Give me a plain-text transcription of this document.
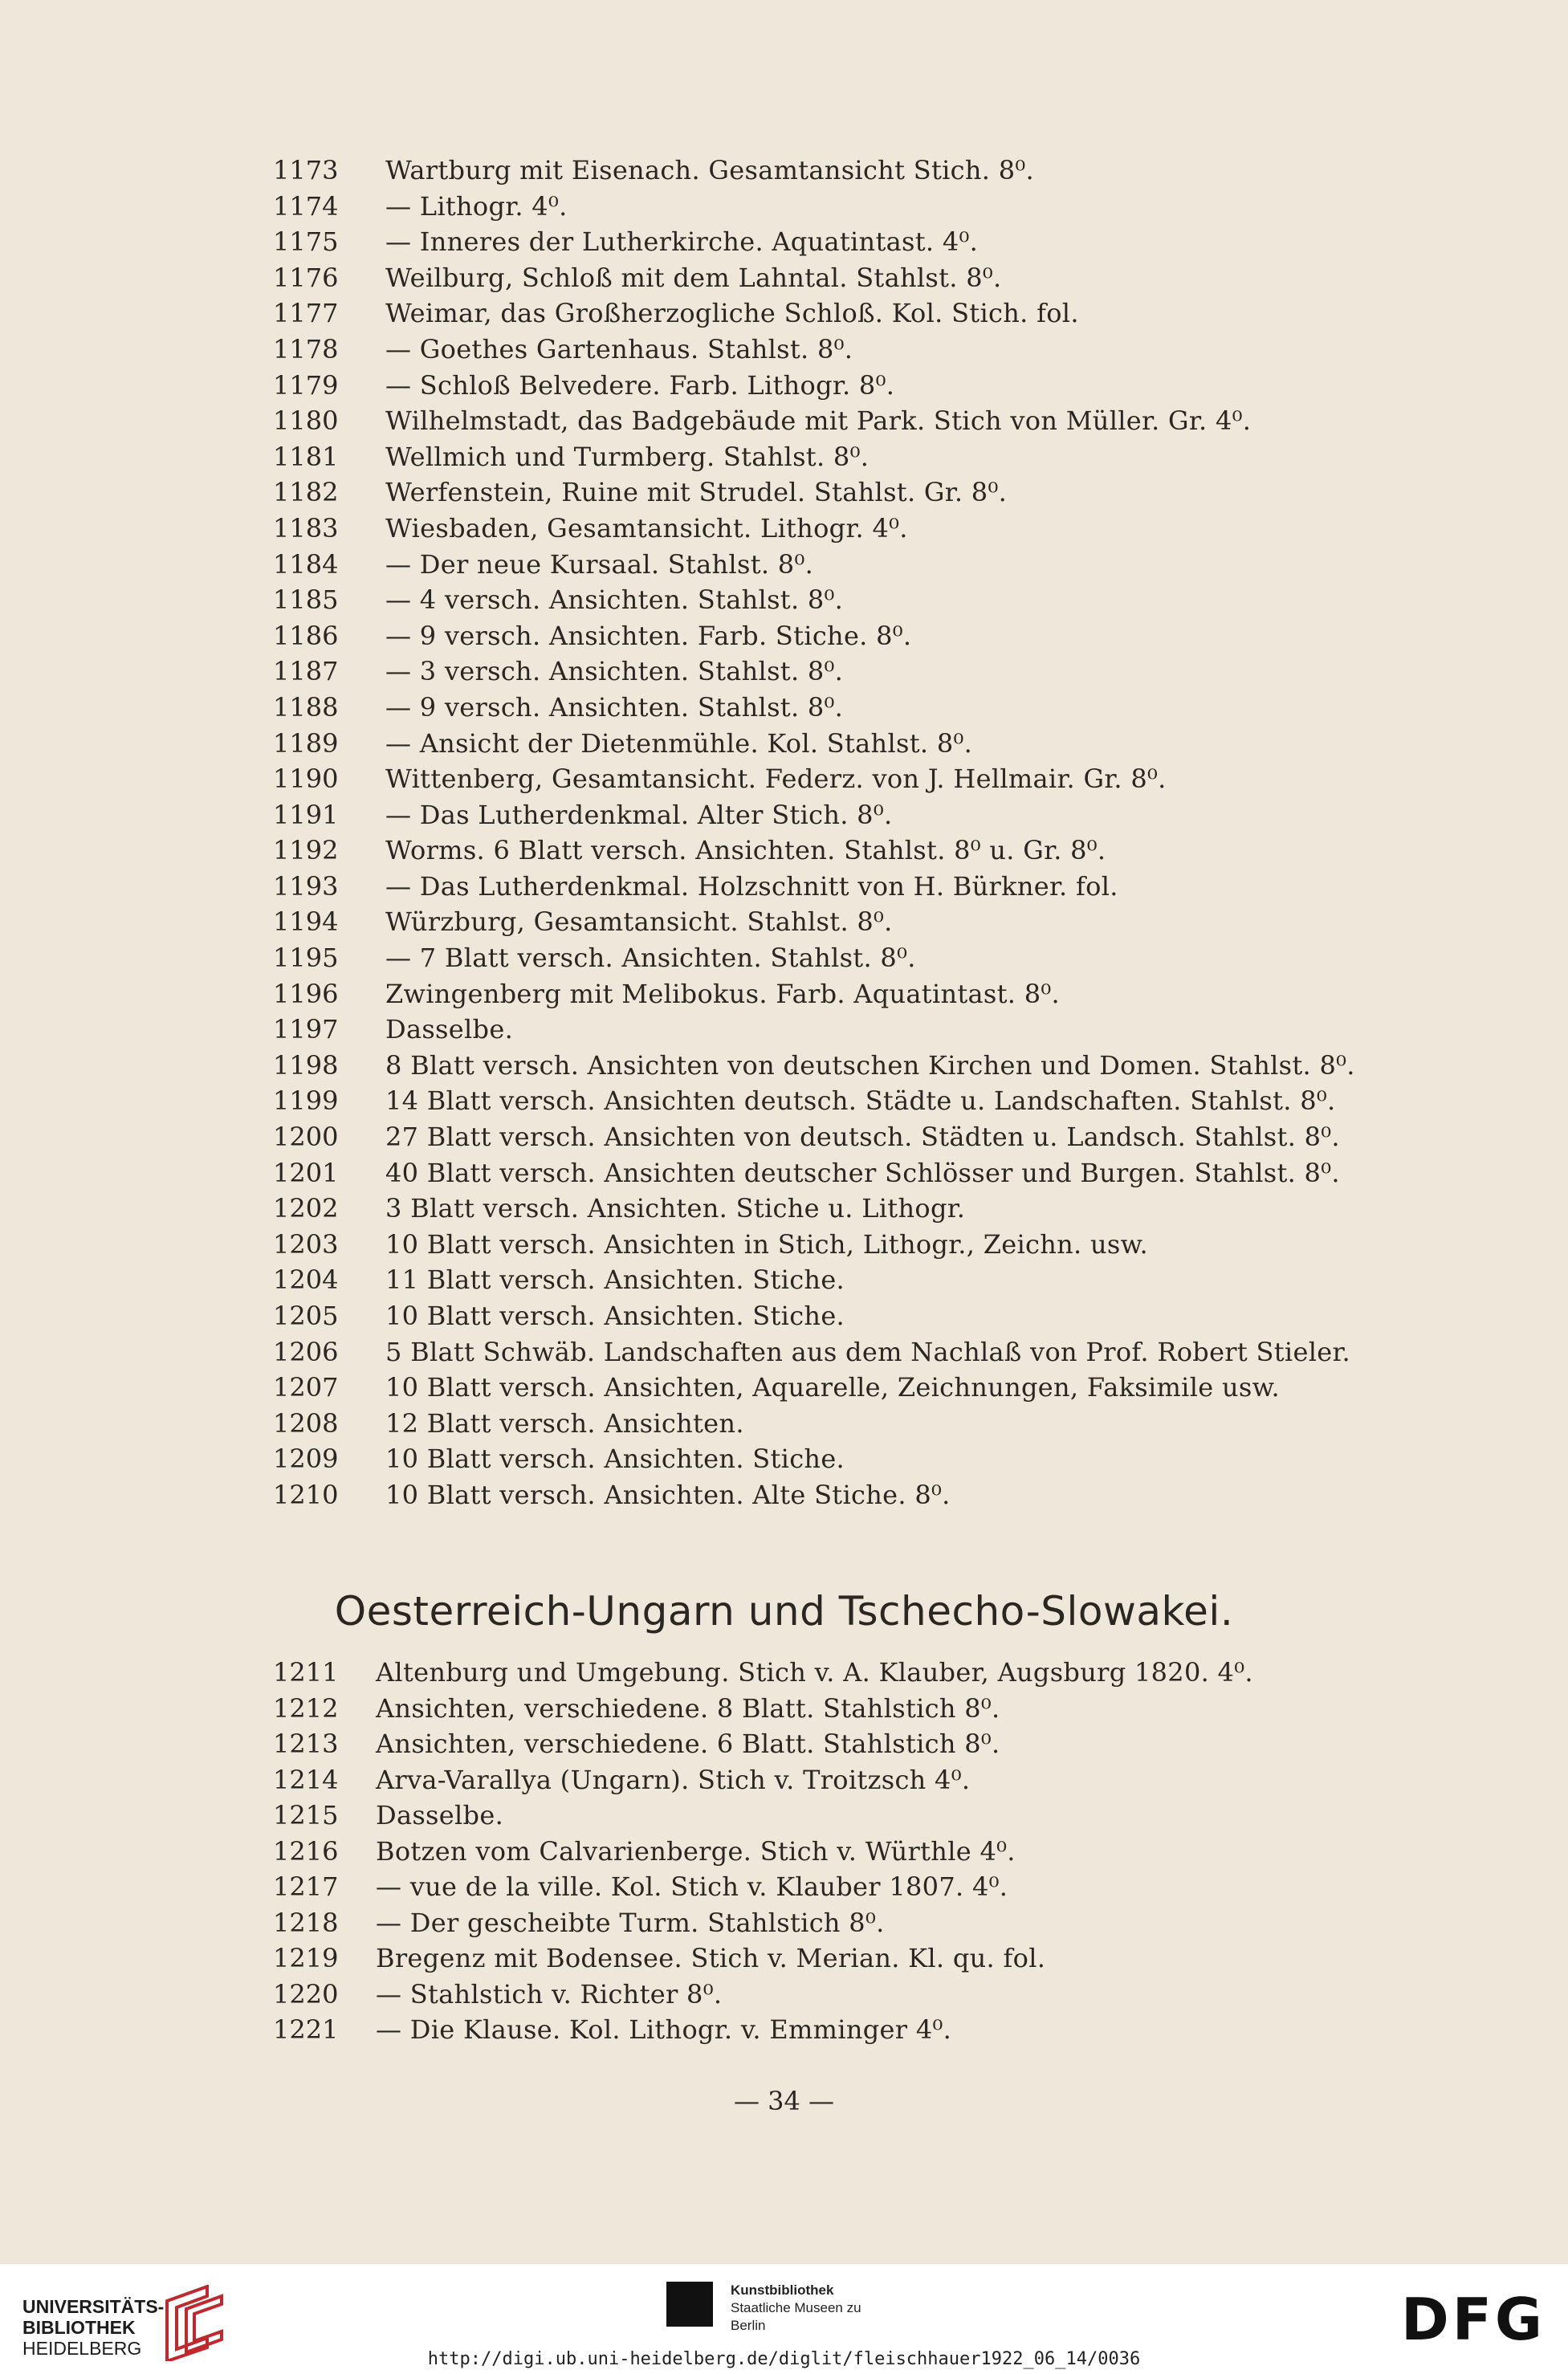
1173	Wartburg mit Eisenach. Gesamtansicht Stich. 8⁰.
1174	— Lithogr. 4⁰.
1175	— Inneres der Lutherkirche. Aquatintast. 4⁰.
1176	Weilburg, Schloß mit dem Lahntal. Stahlst. 8⁰.
1177	Weimar, das Großherzogliche Schloß. Kol. Stich. fol.
1178	— Goethes Gartenhaus. Stahlst. 8⁰.
1179	— Schloß Belvedere. Farb. Lithogr. 8⁰.
1180	Wilhelmstadt, das Badgebäude mit Park. Stich von Müller. Gr. 4⁰.
1181	Wellmich und Turmberg. Stahlst. 8⁰.
1182	Werfenstein, Ruine mit Strudel. Stahlst. Gr. 8⁰.
1183	Wiesbaden, Gesamtansicht. Lithogr. 4⁰.
1184	— Der neue Kursaal. Stahlst. 8⁰.
1185	— 4 versch. Ansichten. Stahlst. 8⁰.
1186	— 9 versch. Ansichten. Farb. Stiche. 8⁰.
1187	— 3 versch. Ansichten. Stahlst. 8⁰.
1188	— 9 versch. Ansichten. Stahlst. 8⁰.
1189	— Ansicht der Dietenmühle. Kol. Stahlst. 8⁰.
1190	Wittenberg, Gesamtansicht. Federz. von J. Hellmair. Gr. 8⁰.
1191	— Das Lutherdenkmal. Alter Stich. 8⁰.
1192	Worms. 6 Blatt versch. Ansichten. Stahlst. 8⁰ u. Gr. 8⁰.
1193	— Das Lutherdenkmal. Holzschnitt von H. Bürkner. fol.
1194	Würzburg, Gesamtansicht. Stahlst. 8⁰.
1195	— 7 Blatt versch. Ansichten. Stahlst. 8⁰.
1196	Zwingenberg mit Melibokus. Farb. Aquatintast. 8⁰.
1197	Dasselbe.
1198	8 Blatt versch. Ansichten von deutschen Kirchen und Domen. Stahlst. 8⁰.
1199	14 Blatt versch. Ansichten deutsch. Städte u. Landschaften. Stahlst. 8⁰.
1200	27 Blatt versch. Ansichten von deutsch. Städten u. Landsch. Stahlst. 8⁰.
1201	40 Blatt versch. Ansichten deutscher Schlösser und Burgen. Stahlst. 8⁰.
1202	3 Blatt versch. Ansichten. Stiche u. Lithogr.
1203	10 Blatt versch. Ansichten in Stich, Lithogr., Zeichn. usw.
1204	11 Blatt versch. Ansichten. Stiche.
1205	10 Blatt versch. Ansichten. Stiche.
1206	5 Blatt Schwäb. Landschaften aus dem Nachlaß von Prof. Robert Stieler.
1207	10 Blatt versch. Ansichten, Aquarelle, Zeichnungen, Faksimile usw.
1208	12 Blatt versch. Ansichten.
1209	10 Blatt versch. Ansichten. Stiche.
1210	10 Blatt versch. Ansichten. Alte Stiche. 8⁰.
Oesterreich-Ungarn und Tschecho-Slowakei.
1211	Altenburg und Umgebung. Stich v. A. Klauber, Augsburg 1820. 4⁰.
1212	Ansichten, verschiedene. 8 Blatt. Stahlstich 8⁰.
1213	Ansichten, verschiedene. 6 Blatt. Stahlstich 8⁰.
1214	Arva-Varallya (Ungarn). Stich v. Troitzsch 4⁰.
1215	Dasselbe.
1216	Botzen vom Calvarienberge. Stich v. Würthle 4⁰.
1217	— vue de la ville. Kol. Stich v. Klauber 1807. 4⁰.
1218	— Der gescheibte Turm. Stahlstich 8⁰.
1219	Bregenz mit Bodensee. Stich v. Merian. Kl. qu. fol.
1220	— Stahlstich v. Richter 8⁰.
1221	— Die Klause. Kol. Lithogr. v. Emminger 4⁰.
— 34 —
UNIVERSITÄTS-
BIBLIOTHEK
HEIDELBERG
Kunstbibliothek
Staatliche Museen zu Berlin	DFG
http://digi.ub.uni-heidelberg.de/diglit/fleischhauer1922_06_14/0036
